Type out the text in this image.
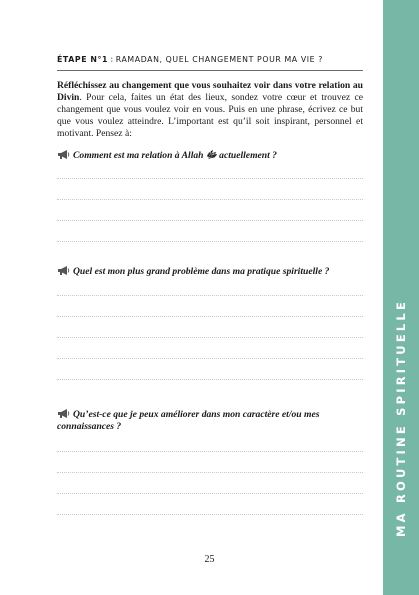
MA ROUTINE SPIRITUELLE
ÉTAPE N°1 : RAMADAN, QUEL CHANGEMENT POUR MA VIE ?

Réfléchissez au changement que vous souhaitez voir dans votre relation au Divin. Pour cela, faites un état des lieux, sondez votre cœur et trouvez ce changement que vous voulez voir en vous. Puis en une phrase, écrivez ce but que vous voulez atteindre. L’important est qu’il soit inspirant, personnel et motivant. Pensez à:

Comment est ma relation à Allah ﷻ actuellement ?
Quel est mon plus grand problème dans ma pratique spirituelle ?
Qu’est-ce que je peux améliorer dans mon caractère et/ou mes connaissances ?
25
